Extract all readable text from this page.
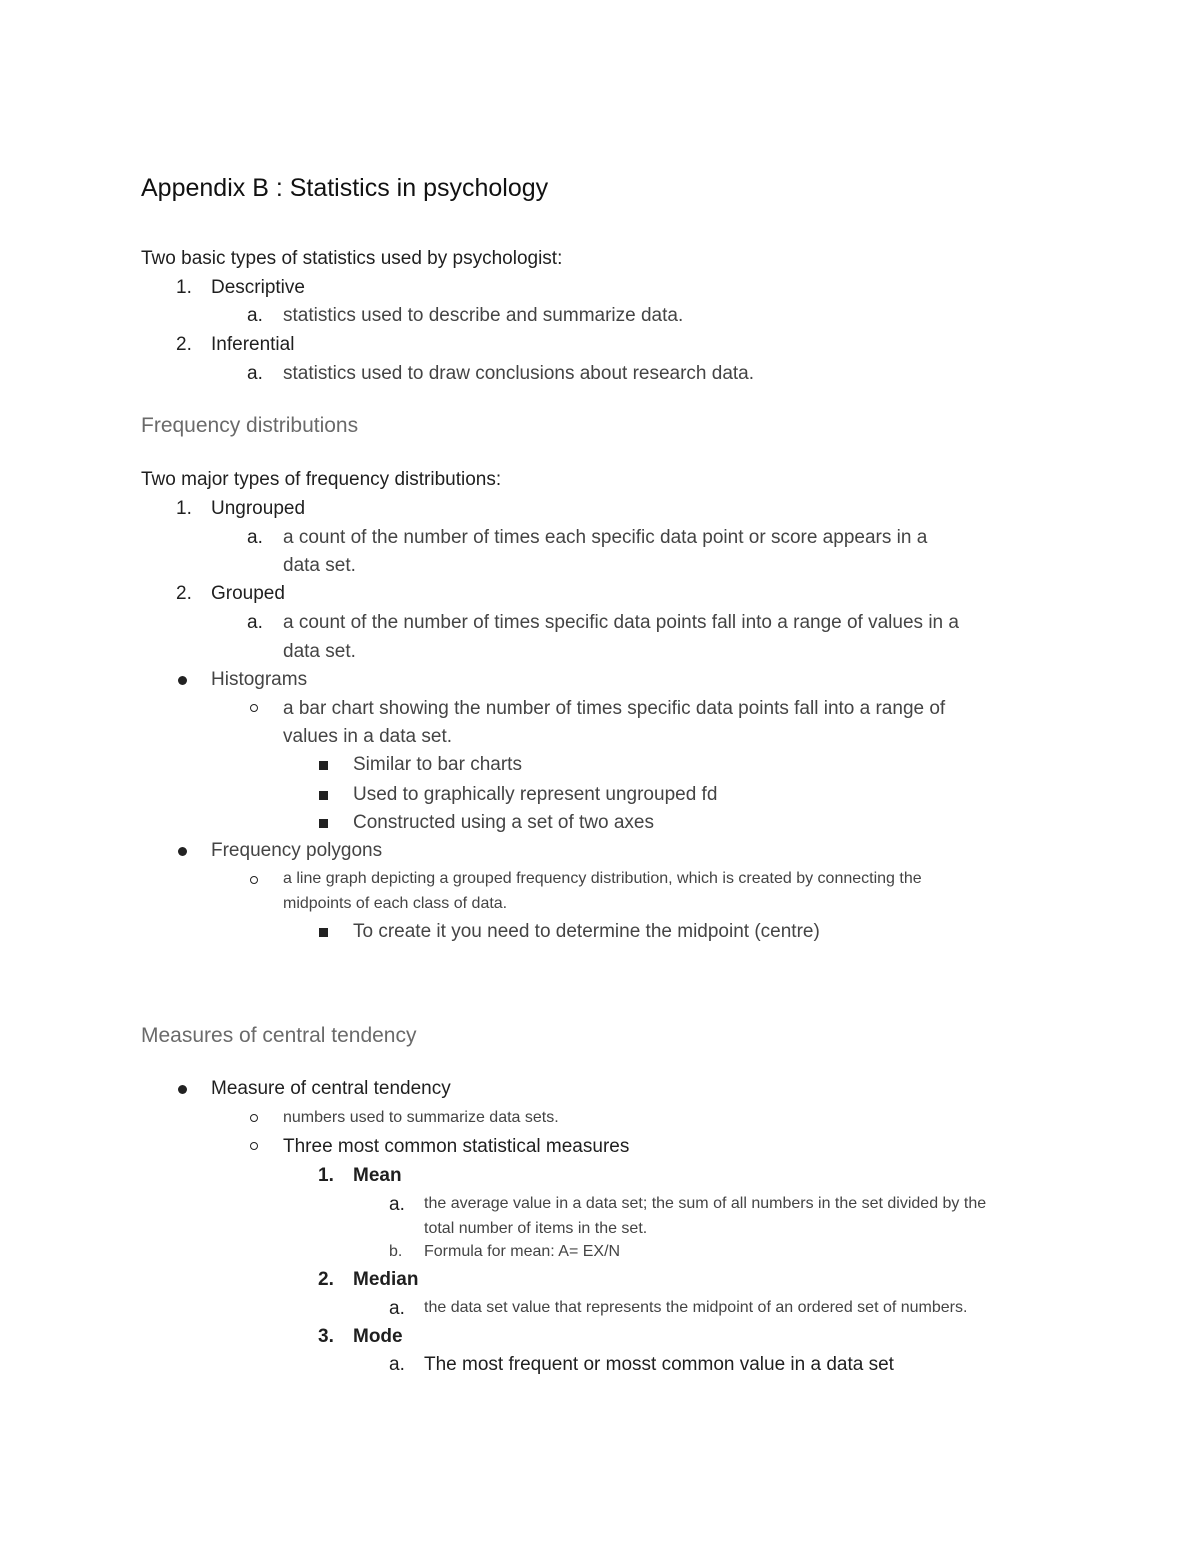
Appendix B : Statistics in psychology
Two basic types of statistics used by psychologist:
1. Descriptive
a. statistics used to describe and summarize data.
2. Inferential
a. statistics used to draw conclusions about research data.
Frequency distributions
Two major types of frequency distributions:
1. Ungrouped
a. a count of the number of times each specific data point or score appears in a
data set.
2. Grouped
a. a count of the number of times specific data points fall into a range of values in a
data set.
Histograms
a bar chart showing the number of times specific data points fall into a range of
values in a data set.
Similar to bar charts
Used to graphically represent ungrouped fd
Constructed using a set of two axes
Frequency polygons
a line graph depicting a grouped frequency distribution, which is created by connecting the
midpoints of each class of data.
To create it you need to determine the midpoint (centre)
Measures of central tendency
Measure of central tendency
numbers used to summarize data sets.
Three most common statistical measures
1. Mean
a. the average value in a data set; the sum of all numbers in the set divided by the
total number of items in the set.
b. Formula for mean: A= EX/N
2. Median
a. the data set value that represents the midpoint of an ordered set of numbers.
3. Mode
a. The most frequent or mosst common value in a data set
